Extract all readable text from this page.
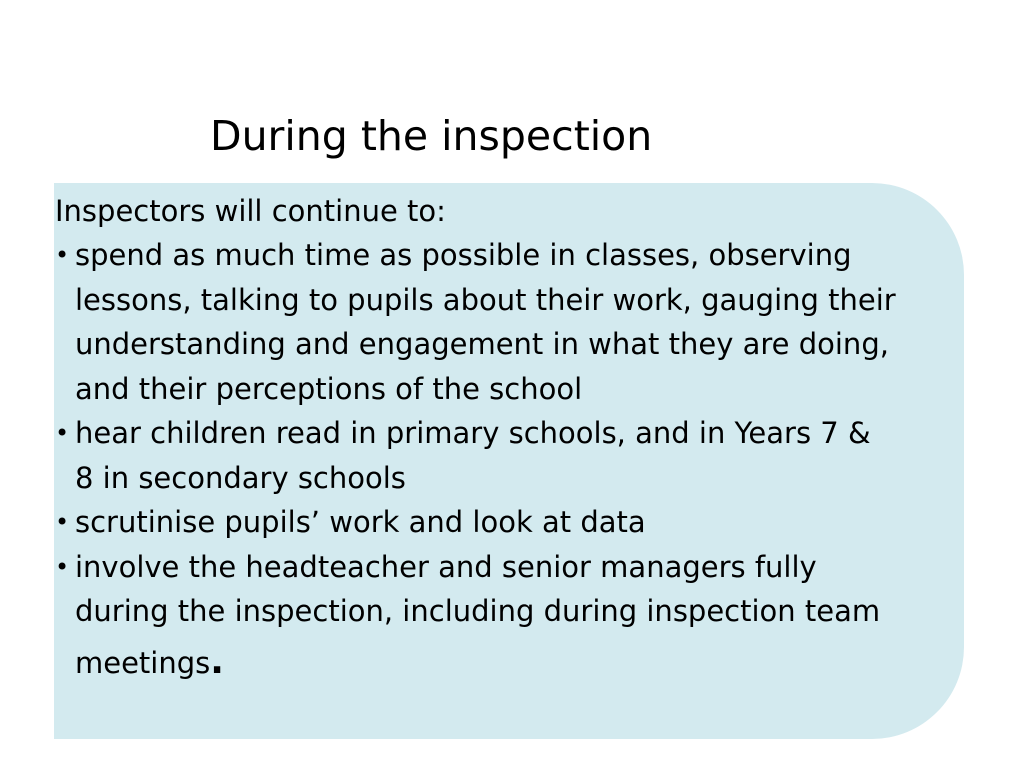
During the inspection
Inspectors will continue to:
• spend as much time as possible in classes, observing
lessons, talking to pupils about their work, gauging their
understanding and engagement in what they are doing,
and their perceptions of the school
• hear children read in primary schools, and in Years 7 &
8 in secondary schools
• scrutinise pupils’ work and look at data
• involve the headteacher and senior managers fully
during the inspection, including during inspection team
meetings.
